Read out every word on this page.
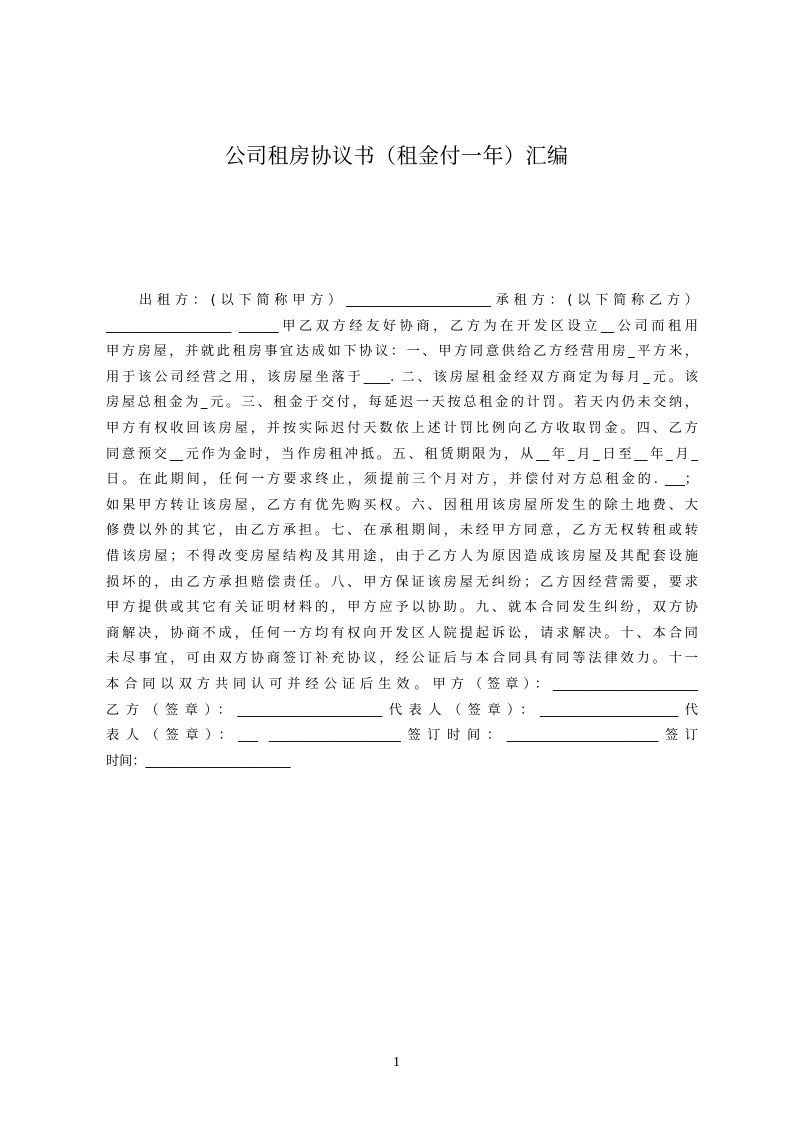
公司租房协议书（租金付一年）汇编
出租方：(以下简称甲方）______________________承租方：(以下简称乙方）
___________________ ______甲乙双方经友好协商，乙方为在开发区设立__公司而租用
甲方房屋，并就此租房事宜达成如下协议：一、甲方同意供给乙方经营用房_平方米，
用于该公司经营之用，该房屋坐落于____. 二、该房屋租金经双方商定为每月_元。该
房屋总租金为_元。三、租金于交付，每延迟一天按总租金的计罚。若天内仍未交纳，
甲方有权收回该房屋，并按实际迟付天数依上述计罚比例向乙方收取罚金。四、乙方
同意预交__元作为金时，当作房租冲抵。五、租赁期限为，从__年_月_日至__年_月_
日。在此期间，任何一方要求终止，须提前三个月对方，并偿付对方总租金的. ___；
如果甲方转让该房屋，乙方有优先购买权。六、因租用该房屋所发生的除土地费、大
修费以外的其它，由乙方承担。七、在承租期间，未经甲方同意，乙方无权转租或转
借该房屋；不得改变房屋结构及其用途，由于乙方人为原因造成该房屋及其配套设施
损坏的，由乙方承担赔偿责任。八、甲方保证该房屋无纠纷；乙方因经营需要，要求
甲方提供或其它有关证明材料的，甲方应予以协助。九、就本合同发生纠纷，双方协
商解决，协商不成，任何一方均有权向开发区人院提起诉讼，请求解决。十、本合同
未尽事宜，可由双方协商签订补充协议，经公证后与本合同具有同等法律效力。十一
本合同以双方共同认可并经公证后生效。甲方（签章）：______________________
乙方（签章）：______________________代表人（签章）：_____________________代
表人（签章）：___ ____________________签订时间：_______________________签订
时间：______________________
1
